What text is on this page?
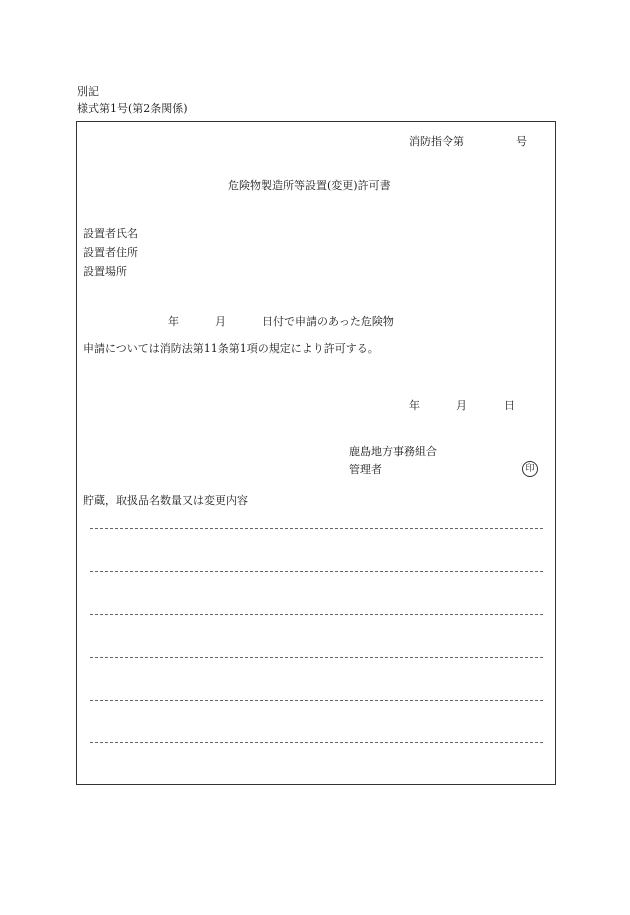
別記
様式第1号(第2条関係)
消防指令第	号
危険物製造所等設置(変更)許可書
設置者氏名
設置者住所
設置場所
年	月	日付で申請のあった危険物
申請については消防法第11条第1項の規定により許可する。
年	月	日
鹿島地方事務組合
管理者	印
貯蔵，取扱品名数量又は変更内容
